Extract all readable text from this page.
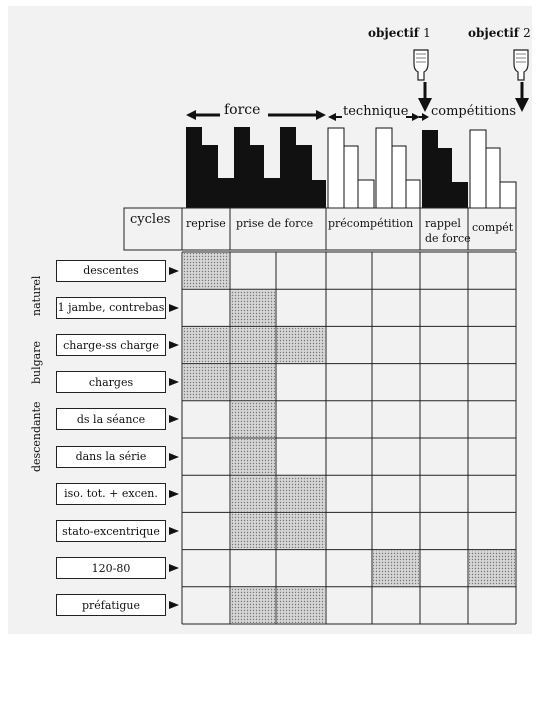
objectif 1	objectif 2
force	technique compétitions
cycles reprise prise de force précompétition rappel
de force
compét
naturel
bulgare
descendante
descentes
1 jambe, contrebas
charge-ss charge
charges
ds la séance
dans la série
iso. tot. + excen.
stato-excentrique
120-80
préfatigue
